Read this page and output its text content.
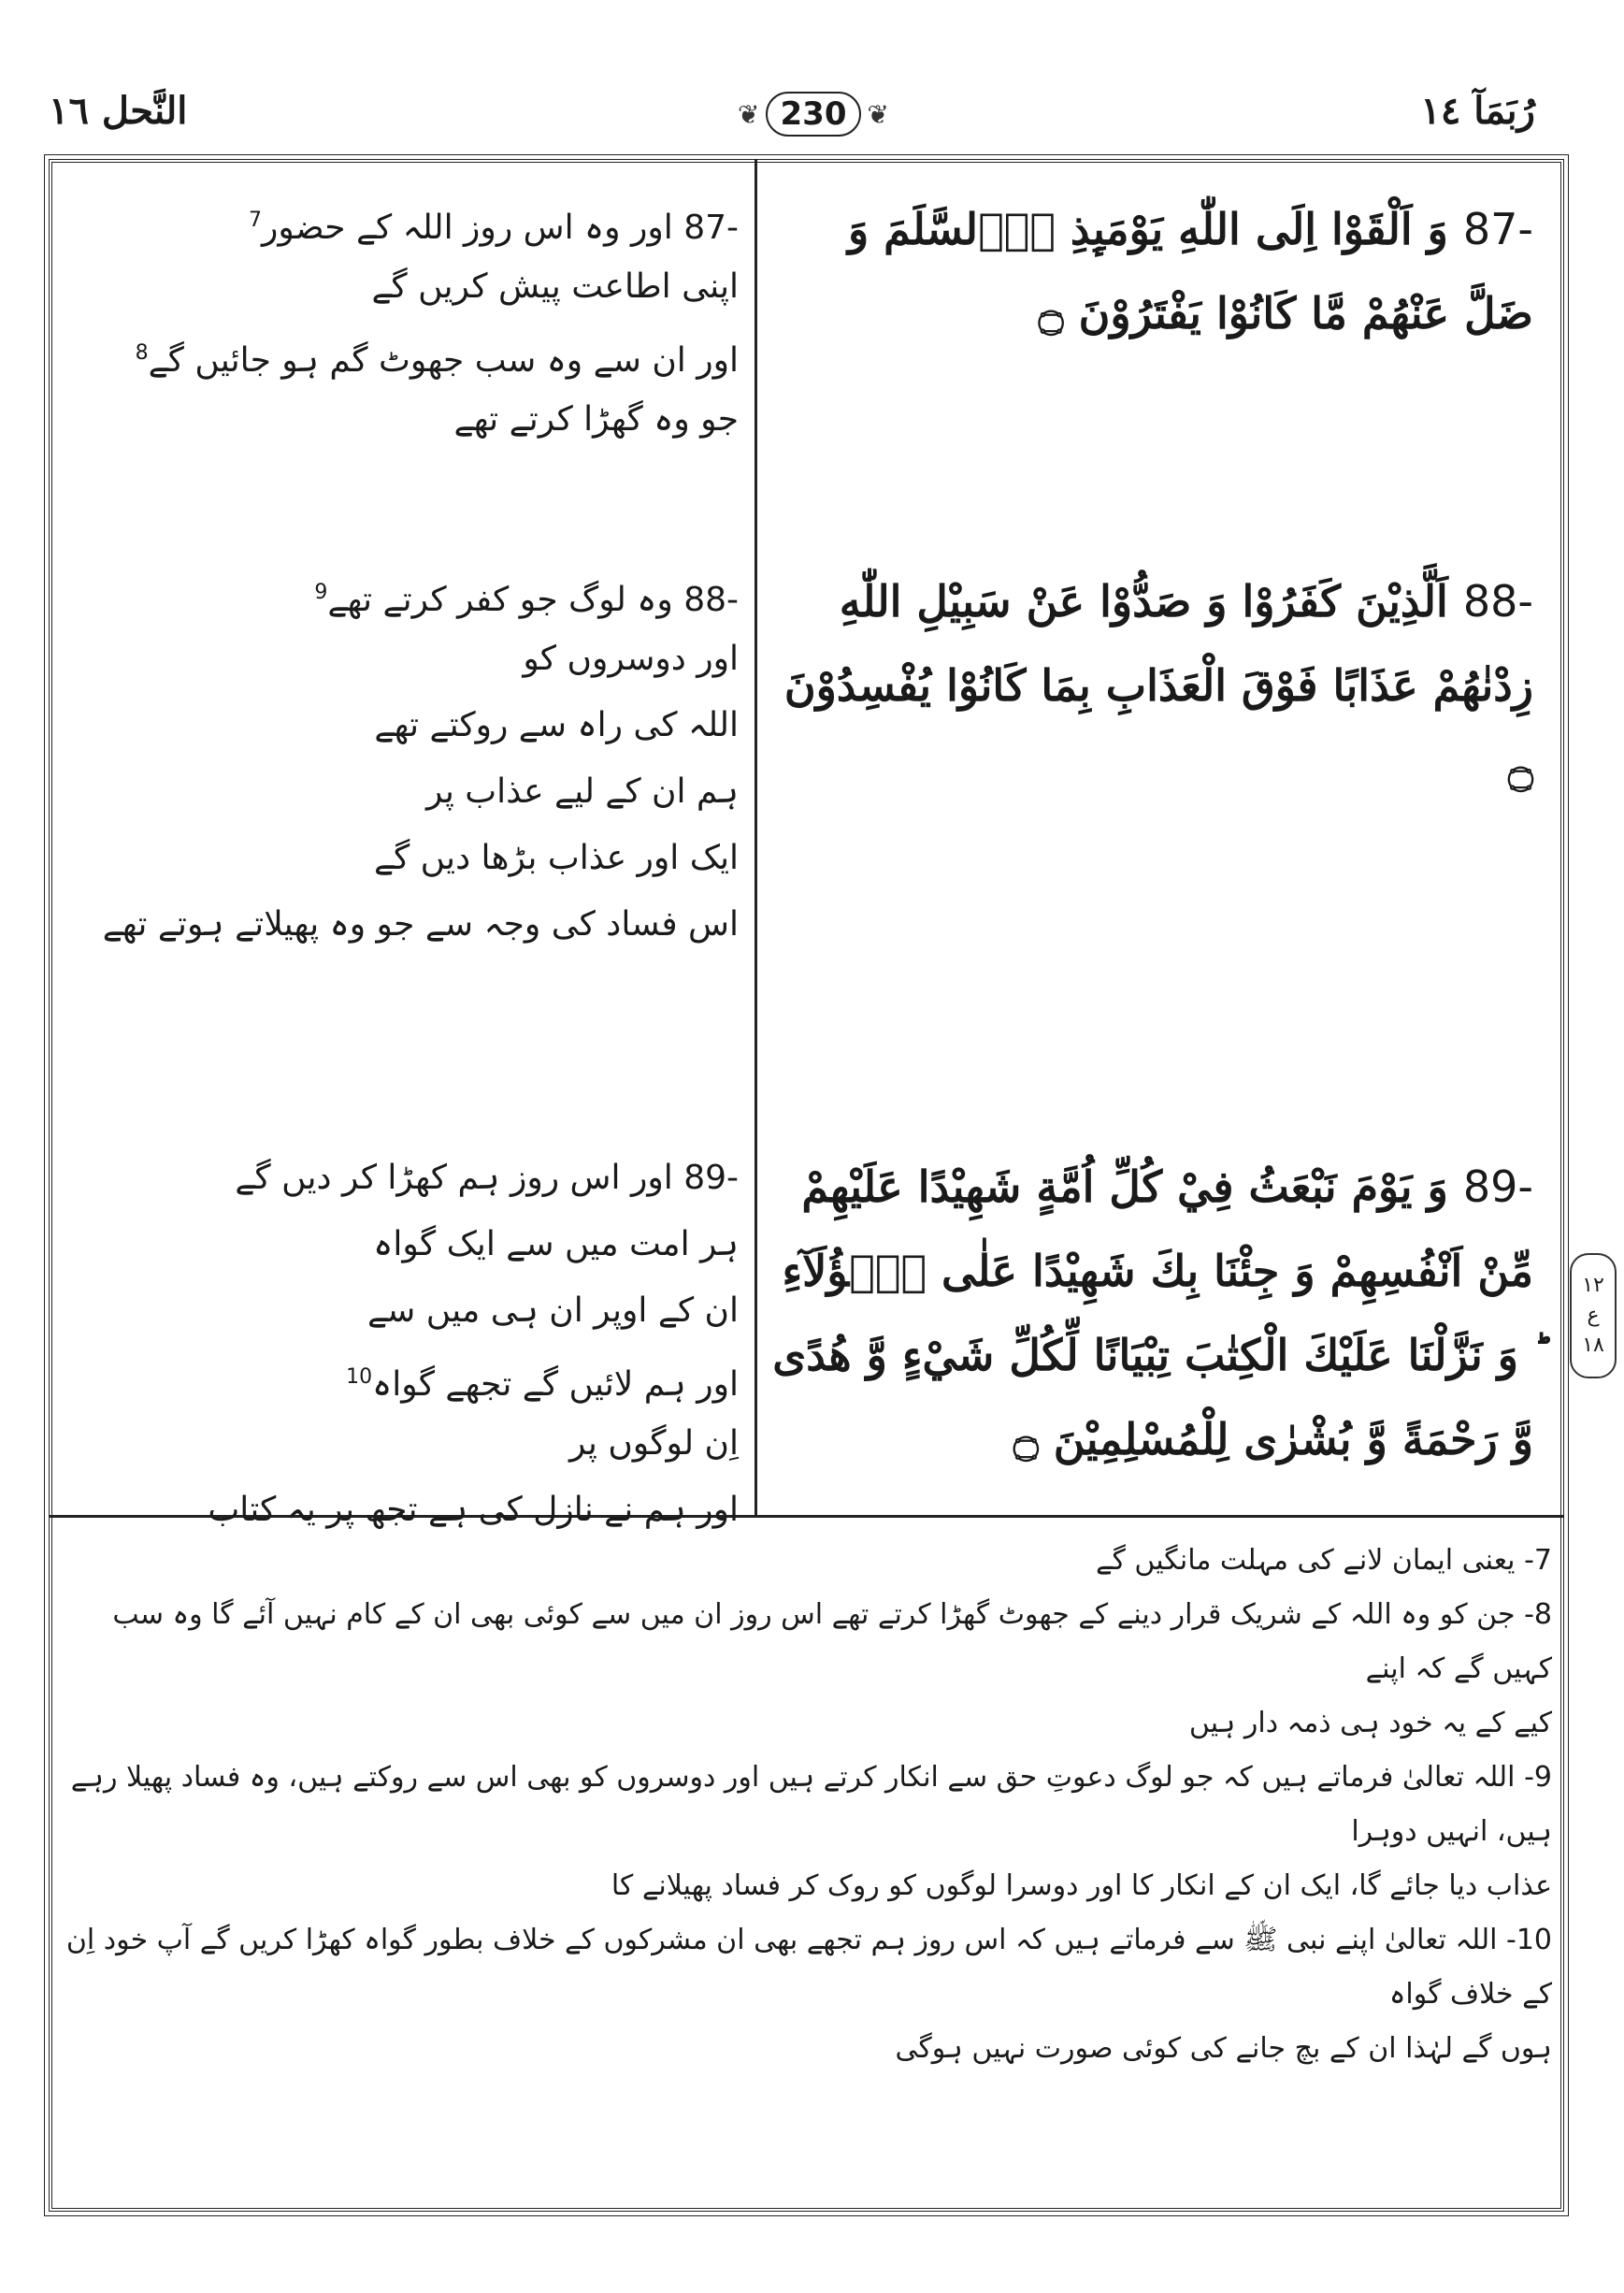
رُبَمَآ ١٤
❦ 230 ❦
النَّحل ١٦
87- وَ اَلْقَوْا اِلَى اللّٰهِ يَوْمَىِٕذِ اِۨلسَّلَمَ وَ ضَلَّ عَنْهُمْ مَّا كَانُوْا يَفْتَرُوْنَ ۝
88- اَلَّذِيْنَ كَفَرُوْا وَ صَدُّوْا عَنْ سَبِيْلِ اللّٰهِ زِدْنٰهُمْ عَذَابًا فَوْقَ الْعَذَابِ بِمَا كَانُوْا يُفْسِدُوْنَ ۝
89- وَ يَوْمَ نَبْعَثُ فِيْ كُلِّ اُمَّةٍ شَهِيْدًا عَلَيْهِمْ مِّنْ اَنْفُسِهِمْ وَ جِئْنَا بِكَ شَهِيْدًا عَلٰى هٰۤؤُلَآءِ ؕ وَ نَزَّلْنَا عَلَيْكَ الْكِتٰبَ تِبْيَانًا لِّكُلِّ شَيْءٍ وَّ هُدًى وَّ رَحْمَةً وَّ بُشْرٰى لِلْمُسْلِمِيْنَ ۝
87- اور وہ اس روز اللہ کے حضور$^7$
اپنی اطاعت پیش کریں گے
اور ان سے وہ سب جھوٹ گم ہو جائیں گے$^8$
جو وہ گھڑا کرتے تھے
88- وہ لوگ جو کفر کرتے تھے$^9$
اور دوسروں کو
اللہ کی راہ سے روکتے تھے
ہم ان کے لیے عذاب پر
ایک اور عذاب بڑھا دیں گے
اس فساد کی وجہ سے جو وہ پھیلاتے ہوتے تھے
89- اور اس روز ہم کھڑا کر دیں گے
ہر امت میں سے ایک گواہ
ان کے اوپر ان ہی میں سے
اور ہم لائیں گے تجھے گواہ$^{10}$
اِن لوگوں پر
اور ہم نے نازل کی ہے تجھ پر یہ کتاب
١٢
ع
١٨
-7 یعنی ایمان لانے کی مہلت مانگیں گے
-8 جن کو وہ اللہ کے شریک قرار دینے کے جھوٹ گھڑا کرتے تھے اس روز ان میں سے کوئی بھی ان کے کام نہیں آئے گا وہ سب کہیں گے کہ اپنے
کیے کے یہ خود ہی ذمہ دار ہیں
-9 اللہ تعالیٰ فرماتے ہیں کہ جو لوگ دعوتِ حق سے انکار کرتے ہیں اور دوسروں کو بھی اس سے روکتے ہیں، وہ فساد پھیلا رہے ہیں، انہیں دوہرا
عذاب دیا جائے گا، ایک ان کے انکار کا اور دوسرا لوگوں کو روک کر فساد پھیلانے کا
-10 اللہ تعالیٰ اپنے نبی ﷺ سے فرماتے ہیں کہ اس روز ہم تجھے بھی ان مشرکوں کے خلاف بطور گواہ کھڑا کریں گے آپ خود اِن کے خلاف گواہ
ہوں گے لہٰذا ان کے بچ جانے کی کوئی صورت نہیں ہوگی
